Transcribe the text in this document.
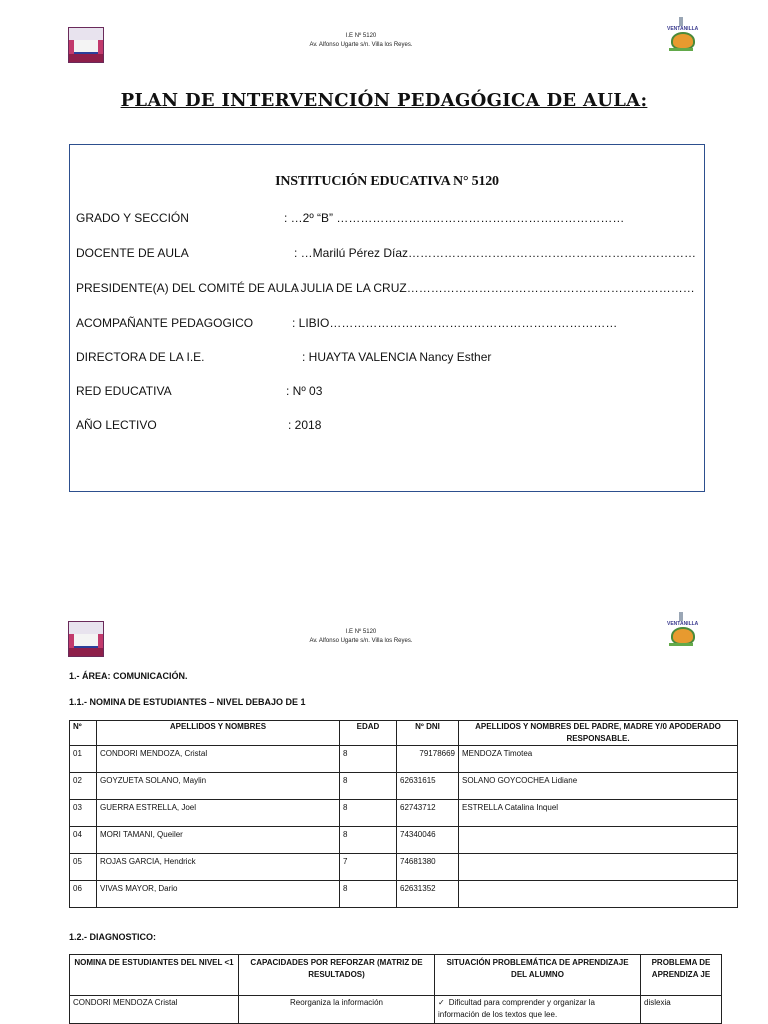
I.E Nº 5120
Av. Alfonso Ugarte s/n. Villa los Reyes.
VENTANILLA
PLAN DE INTERVENCIÓN PEDAGÓGICA DE AULA:
INSTITUCIÓN EDUCATIVA N° 5120
GRADO Y SECCIÓN	: …2º “B” ………………………………………………………………
DOCENTE DE AULA	: …Marilú Pérez Díaz………………………………………………………………
PRESIDENTE(A) DEL COMITÉ DE AULA
: JULIA DE LA CRUZ………………………………………………………………
ACOMPAÑANTE PEDAGOGICO	: LIBIO………………………………………………………………
DIRECTORA DE LA I.E.	: HUAYTA VALENCIA Nancy Esther
RED EDUCATIVA	: Nº 03
AÑO LECTIVO	: 2018
I.E Nº 5120
Av. Alfonso Ugarte s/n. Villa los Reyes.
VENTANILLA
1.- ÁREA: COMUNICACIÓN.
1.1.- NOMINA DE ESTUDIANTES – NIVEL DEBAJO DE 1
Nº	APELLIDOS Y NOMBRES	EDAD	Nº DNI	APELLIDOS Y NOMBRES DEL PADRE, MADRE Y/0 APODERADO RESPONSABLE.
01	CONDORI MENDOZA, Cristal	8	79178669	MENDOZA Timotea
02	GOYZUETA SOLANO, Maylin	8	62631615	SOLANO GOYCOCHEA Lidiane
03	GUERRA ESTRELLA, Joel	8	62743712	ESTRELLA Catalina Inquel
04	MORI TAMANI, Queiler	8	74340046	
05	ROJAS GARCIA, Hendrick	7	74681380	
06	VIVAS MAYOR, Dario	8	62631352	
1.2.- DIAGNOSTICO:
NOMINA DE ESTUDIANTES DEL NIVEL <1	CAPACIDADES POR REFORZAR (MATRIZ DE RESULTADOS)	SITUACIÓN PROBLEMÁTICA DE APRENDIZAJE DEL ALUMNO	PROBLEMA DE APRENDIZA JE
CONDORI MENDOZA Cristal	Reorganiza la información	✓ Dificultad para comprender y organizar la información de los textos que lee.	dislexia
